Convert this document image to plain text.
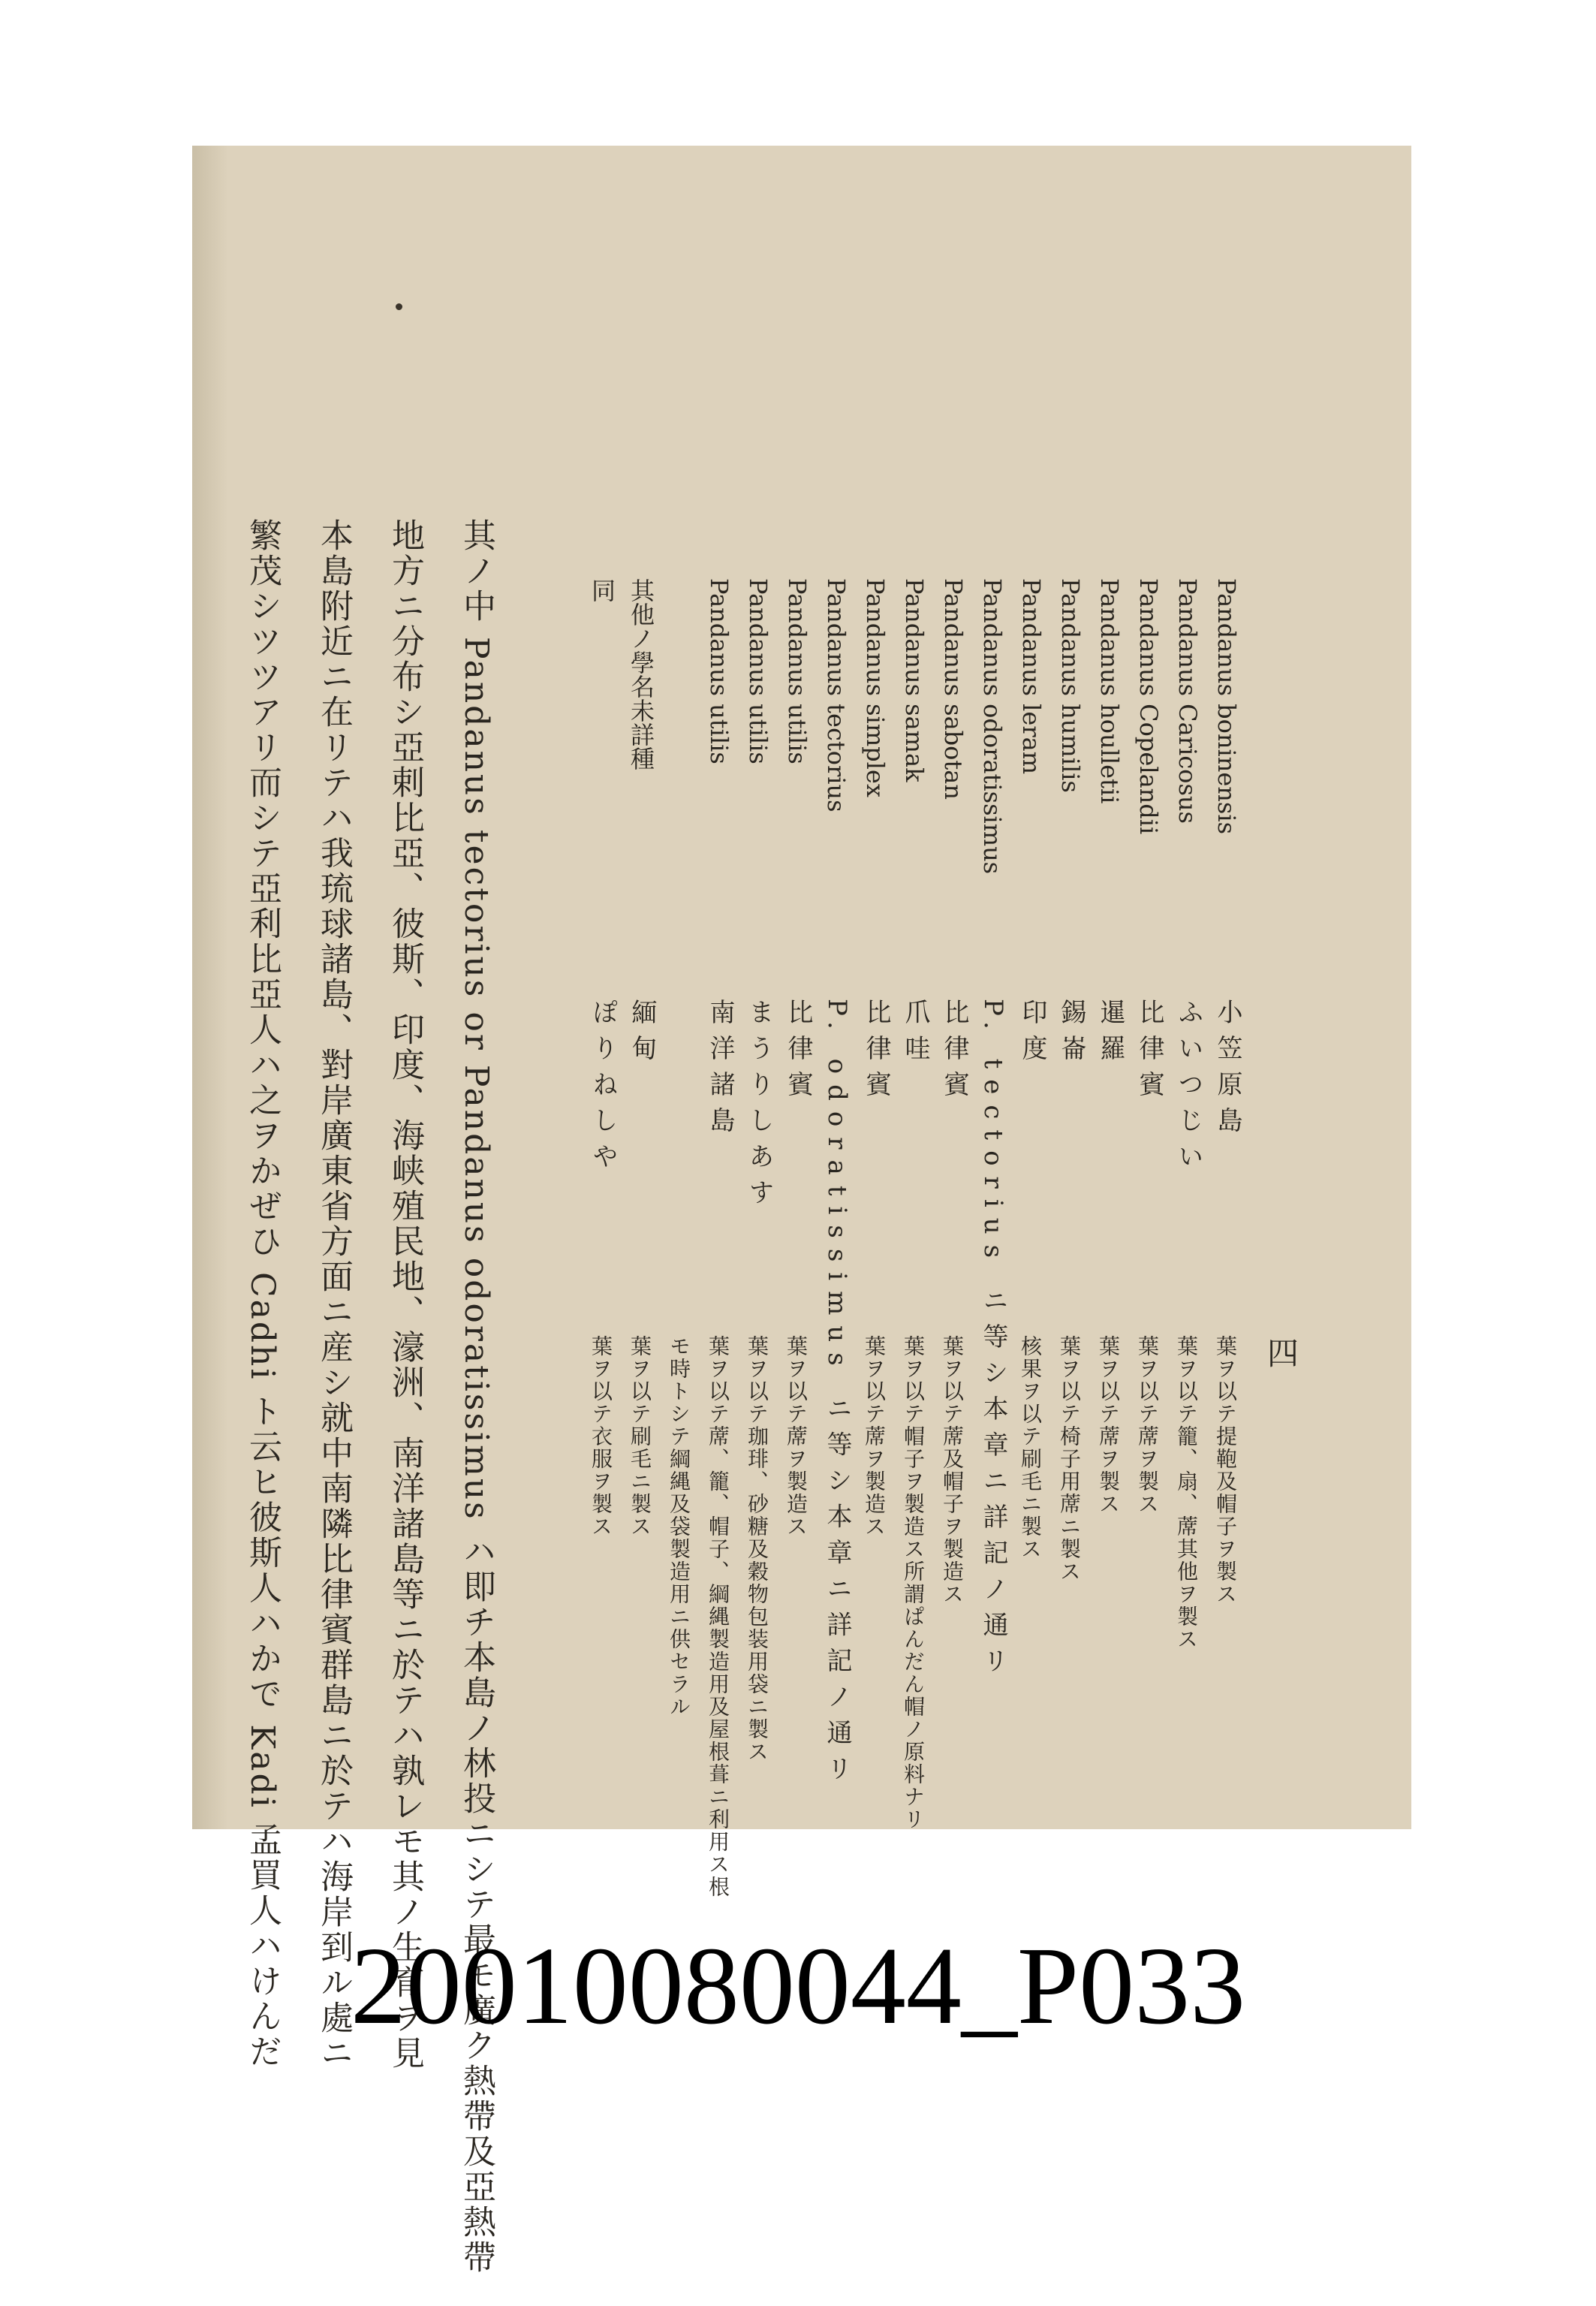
四
Pandanus boninensis
小笠原島
葉ヲ以テ提鞄及帽子ヲ製ス
Pandanus Caricosus
ふいつじい
葉ヲ以テ籠、扇、蓆其他ヲ製ス
Pandanus Copelandii
比律賓
葉ヲ以テ蓆ヲ製ス
Pandanus houlletii
暹羅
葉ヲ以テ蓆ヲ製ス
Pandanus humilis
錫崙
葉ヲ以テ椅子用蓆ニ製ス
Pandanus leram
印度
核果ヲ以テ刷毛ニ製ス
Pandanus odoratissimus
P. tectorius ニ等シ本章ニ詳記ノ通リ
Pandanus sabotan
比律賓
葉ヲ以テ蓆及帽子ヲ製造ス
Pandanus samak
爪哇
葉ヲ以テ帽子ヲ製造ス所謂ぱんだん帽ノ原料ナリ
Pandanus simplex
比律賓
葉ヲ以テ蓆ヲ製造ス
Pandanus tectorius
P. odoratissimus ニ等シ本章ニ詳記ノ通リ
Pandanus utilis
比律賓
葉ヲ以テ蓆ヲ製造ス
Pandanus utilis
まうりしあす
葉ヲ以テ珈琲、砂糖及穀物包装用袋ニ製ス
Pandanus utilis
南洋諸島
葉ヲ以テ蓆、籠、帽子、綱縄製造用及屋根葺ニ利用ス根
モ時トシテ綱縄及袋製造用ニ供セラル
其他ノ學名未詳種
緬甸
葉ヲ以テ刷毛ニ製ス
同
ぽりねしや
葉ヲ以テ衣服ヲ製ス
其ノ中 Pandanus tectorius or Pandanus odoratissimus ハ即チ本島ノ林投ニシテ最モ廣ク熱帶及亞熱帶
地方ニ分布シ亞剌比亞、彼斯、印度、海峡殖民地、濠洲、南洋諸島等ニ於テハ孰レモ其ノ生育ヲ見
本島附近ニ在リテハ我琉球諸島、對岸廣東省方面ニ産シ就中南隣比律賓群島ニ於テハ海岸到ル處ニ
繁茂シツツアリ而シテ亞利比亞人ハ之ヲかぜひ Cadhi ト云ヒ彼斯人ハかで Kadi 孟買人ハけんだ 20010080044_P033
